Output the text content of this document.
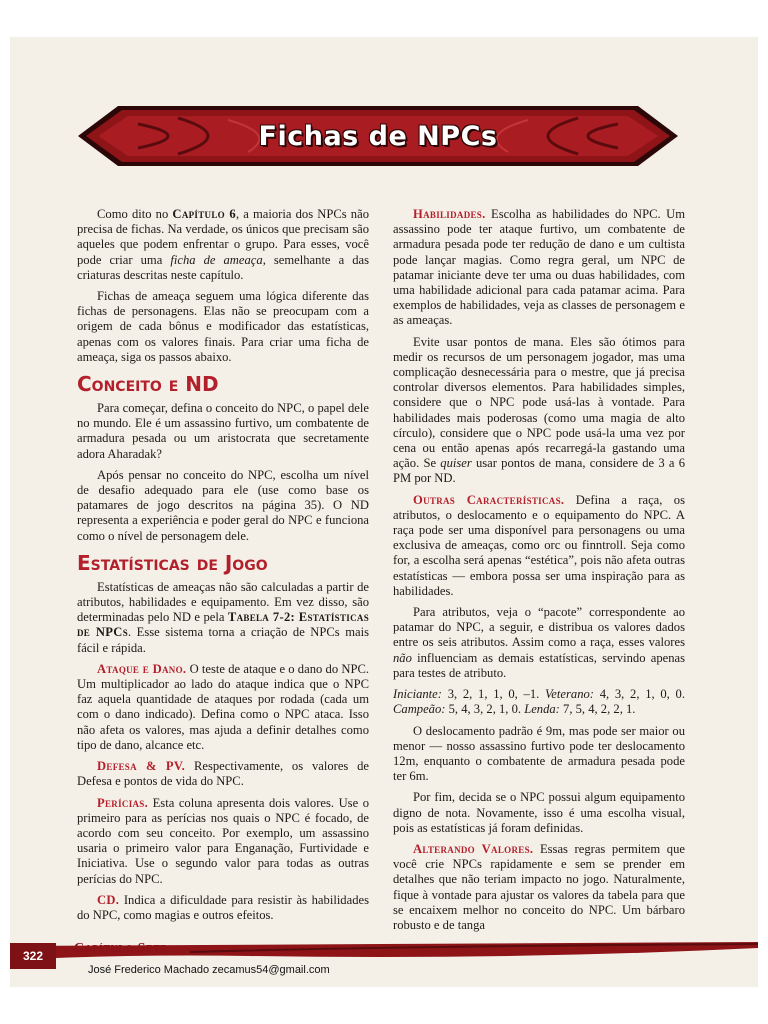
Fichas de NPCs

Como dito no Capítulo 6, a maioria dos NPCs não precisa de fichas. Na verdade, os únicos que precisam são aqueles que podem enfrentar o grupo. Para esses, você pode criar uma ficha de ameaça, semelhante a das criaturas descritas neste capítulo.

Fichas de ameaça seguem uma lógica diferente das fichas de personagens. Elas não se preocupam com a origem de cada bônus e modificador das estatísticas, apenas com os valores finais. Para criar uma ficha de ameaça, siga os passos abaixo.

Conceito e ND

Para começar, defina o conceito do NPC, o papel dele no mundo. Ele é um assassino furtivo, um combatente de armadura pesada ou um aristocrata que secretamente adora Aharadak?

Após pensar no conceito do NPC, escolha um nível de desafio adequado para ele (use como base os patamares de jogo descritos na página 35). O ND representa a experiência e poder geral do NPC e funciona como o nível de personagem dele.

Estatísticas de Jogo

Estatísticas de ameaças não são calculadas a partir de atributos, habilidades e equipamento. Em vez disso, são determinadas pelo ND e pela Tabela 7-2: Estatísticas de NPCs. Esse sistema torna a criação de NPCs mais fácil e rápida.

Ataque e Dano. O teste de ataque e o dano do NPC. Um multiplicador ao lado do ataque indica que o NPC faz aquela quantidade de ataques por rodada (cada um com o dano indicado). Defina como o NPC ataca. Isso não afeta os valores, mas ajuda a definir detalhes como tipo de dano, alcance etc.

Defesa & PV. Respectivamente, os valores de Defesa e pontos de vida do NPC.

Perícias. Esta coluna apresenta dois valores. Use o primeiro para as perícias nos quais o NPC é focado, de acordo com seu conceito. Por exemplo, um assassino usaria o primeiro valor para Enganação, Furtividade e Iniciativa. Use o segundo valor para todas as outras perícias do NPC.

CD. Indica a dificuldade para resistir às habilidades do NPC, como magias e outros efeitos.

Habilidades. Escolha as habilidades do NPC. Um assassino pode ter ataque furtivo, um combatente de armadura pesada pode ter redução de dano e um cultista pode lançar magias. Como regra geral, um NPC de patamar iniciante deve ter uma ou duas habilidades, com uma habilidade adicional para cada patamar acima. Para exemplos de habilidades, veja as classes de personagem e as ameaças.

Evite usar pontos de mana. Eles são ótimos para medir os recursos de um personagem jogador, mas uma complicação desnecessária para o mestre, que já precisa controlar diversos elementos. Para habilidades simples, considere que o NPC pode usá-las à vontade. Para habilidades mais poderosas (como uma magia de alto círculo), considere que o NPC pode usá-la uma vez por cena ou então apenas após recarregá-la gastando uma ação. Se quiser usar pontos de mana, considere de 3 a 6 PM por ND.

Outras Características. Defina a raça, os atributos, o deslocamento e o equipamento do NPC. A raça pode ser uma disponível para personagens ou uma exclusiva de ameaças, como orc ou finntroll. Seja como for, a escolha será apenas “estética”, pois não afeta outras estatísticas — embora possa ser uma inspiração para as habilidades.

Para atributos, veja o “pacote” correspondente ao patamar do NPC, a seguir, e distribua os valores dados entre os seis atributos. Assim como a raça, esses valores não influenciam as demais estatísticas, servindo apenas para testes de atributo.

Iniciante: 3, 2, 1, 1, 0, –1. Veterano: 4, 3, 2, 1, 0, 0. Campeão: 5, 4, 3, 2, 1, 0. Lenda: 7, 5, 4, 2, 2, 1.

O deslocamento padrão é 9m, mas pode ser maior ou menor — nosso assassino furtivo pode ter deslocamento 12m, enquanto o combatente de armadura pesada pode ter 6m.

Por fim, decida se o NPC possui algum equipamento digno de nota. Novamente, isso é uma escolha visual, pois as estatísticas já foram definidas.

Alterando Valores. Essas regras permitem que você crie NPCs rapidamente e sem se prender em detalhes que não teriam impacto no jogo. Naturalmente, fique à vontade para ajustar os valores da tabela para que se encaixem melhor no conceito do NPC. Um bárbaro robusto e de tanga

322	Capítulo Sete
José Frederico Machado zecamus54@gmail.com
